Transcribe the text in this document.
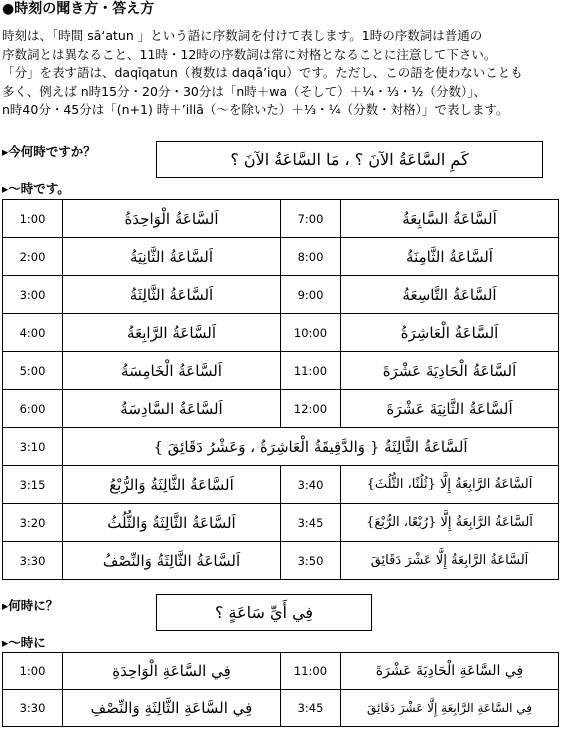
●時刻の聞き方・答え方
時刻は、「時間 sā‘atun 」という語に序数詞を付けて表します。1時の序数詞は普通の
序数詞とは異なること、11時・12時の序数詞は常に対格となることに注意して下さい。
「分」を表す語は、daqīqatun（複数は daqā’iqu）です。ただし、この語を使わないことも
多く、例えば n時15分・20分・30分は「n時＋wa（そして）＋¼・⅓・½（分数）」、
n時40分・45分は「(n+1) 時＋’illā（～を除いた）＋⅓・¼（分数・対格）」で表します。
▸今何時ですか？	كَمِ السَّاعَةُ الآنَ ؟ ، مَا السَّاعَةُ الآنَ ؟
▸～時です。
1:00	اَلسَّاعَةُ الْوَاحِدَةُ	7:00	اَلسَّاعَةُ السَّابِعَةُ
2:00	اَلسَّاعَةُ الثَّانِيَةُ	8:00	اَلسَّاعَةُ الثَّامِنَةُ
3:00	اَلسَّاعَةُ الثَّالِثَةُ	9:00	اَلسَّاعَةُ التَّاسِعَةُ
4:00	اَلسَّاعَةُ الرَّابِعَةُ	10:00	اَلسَّاعَةُ الْعَاشِرَةُ
5:00	اَلسَّاعَةُ الْخَامِسَةُ	11:00	اَلسَّاعَةُ الْحَادِيَةَ عَشْرَةَ
6:00	اَلسَّاعَةُ السَّادِسَةُ	12:00	اَلسَّاعَةُ الثَّانِيَةَ عَشْرَةَ
3:10	اَلسَّاعَةُ الثَّالِثَةُ { وَالدَّقِيقَةُ الْعَاشِرَةُ ، وَعَشْرُ دَقَائِقَ }		
3:15	اَلسَّاعَةُ الثَّالِثَةُ وَالرُّبْعُ	3:40	اَلسَّاعَةُ الرَّابِعَةُ إِلَّا {ثُلُثًا، الثُّلُثَ}
3:20	اَلسَّاعَةُ الثَّالِثَةُ وَالثُّلُثُ	3:45	اَلسَّاعَةُ الرَّابِعَةُ إِلَّا {رُبْعًا، الرُّبْعَ}
3:30	اَلسَّاعَةُ الثَّالِثَةُ وَالنِّصْفُ	3:50	اَلسَّاعَةُ الرَّابِعَةُ إِلَّا عَشْرَ دَقَائِقَ
▸何時に？	فِي أَيِّ سَاعَةٍ ؟
▸～時に
1:00	فِي السَّاعَةِ الْوَاحِدَةِ	11:00	فِي السَّاعَةِ الْحَادِيَةَ عَشْرَةَ
3:30	فِي السَّاعَةِ الثَّالِثَةِ وَالنِّصْفِ	3:45	فِي السَّاعَةِ الرَّابِعَةِ إِلَّا عَشْرَ دَقَائِقَ
